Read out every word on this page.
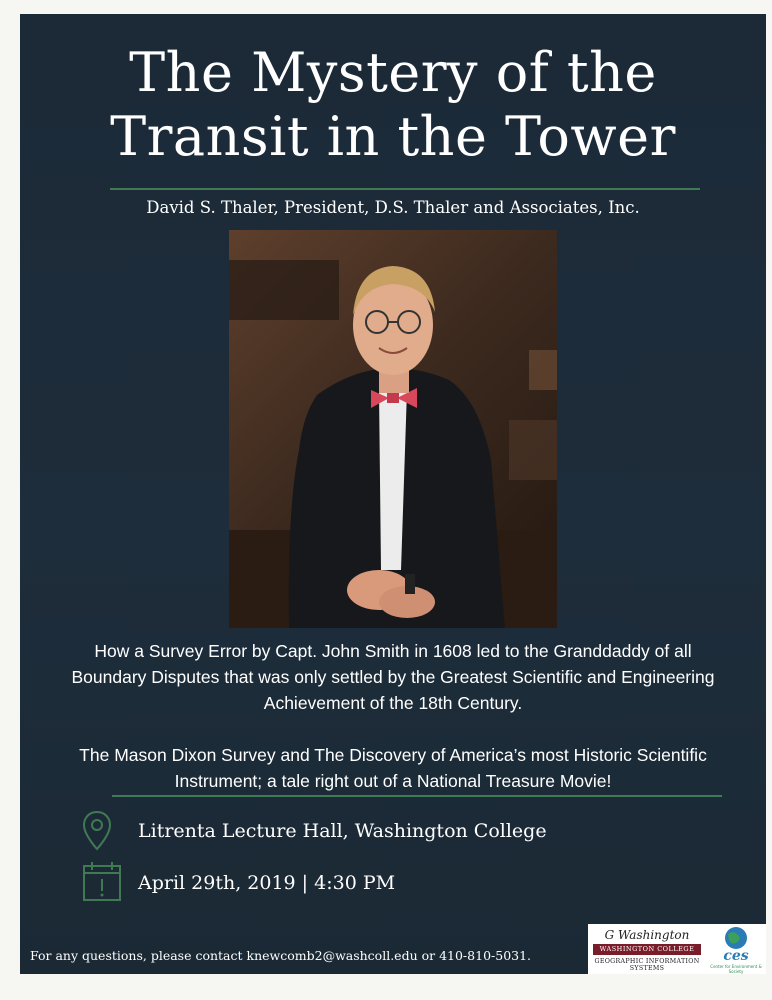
The Mystery of the
Transit in the Tower
David S. Thaler, President, D.S. Thaler and Associates, Inc.
How a Survey Error by Capt. John Smith in 1608 led to the Granddaddy of all Boundary Disputes that was only settled by the Greatest Scientific and Engineering Achievement of the 18th Century.
The Mason Dixon Survey and The Discovery of America’s most Historic Scientific Instrument; a tale right out of a National Treasure Movie!
Litrenta Lecture Hall, Washington College
April 29th, 2019 | 4:30 PM
For any questions, please contact knewcomb2@washcoll.edu or 410-810-5031.
G Washington
WASHINGTON COLLEGE
GEOGRAPHIC INFORMATION SYSTEMS
ces
Center for Environment & Society
